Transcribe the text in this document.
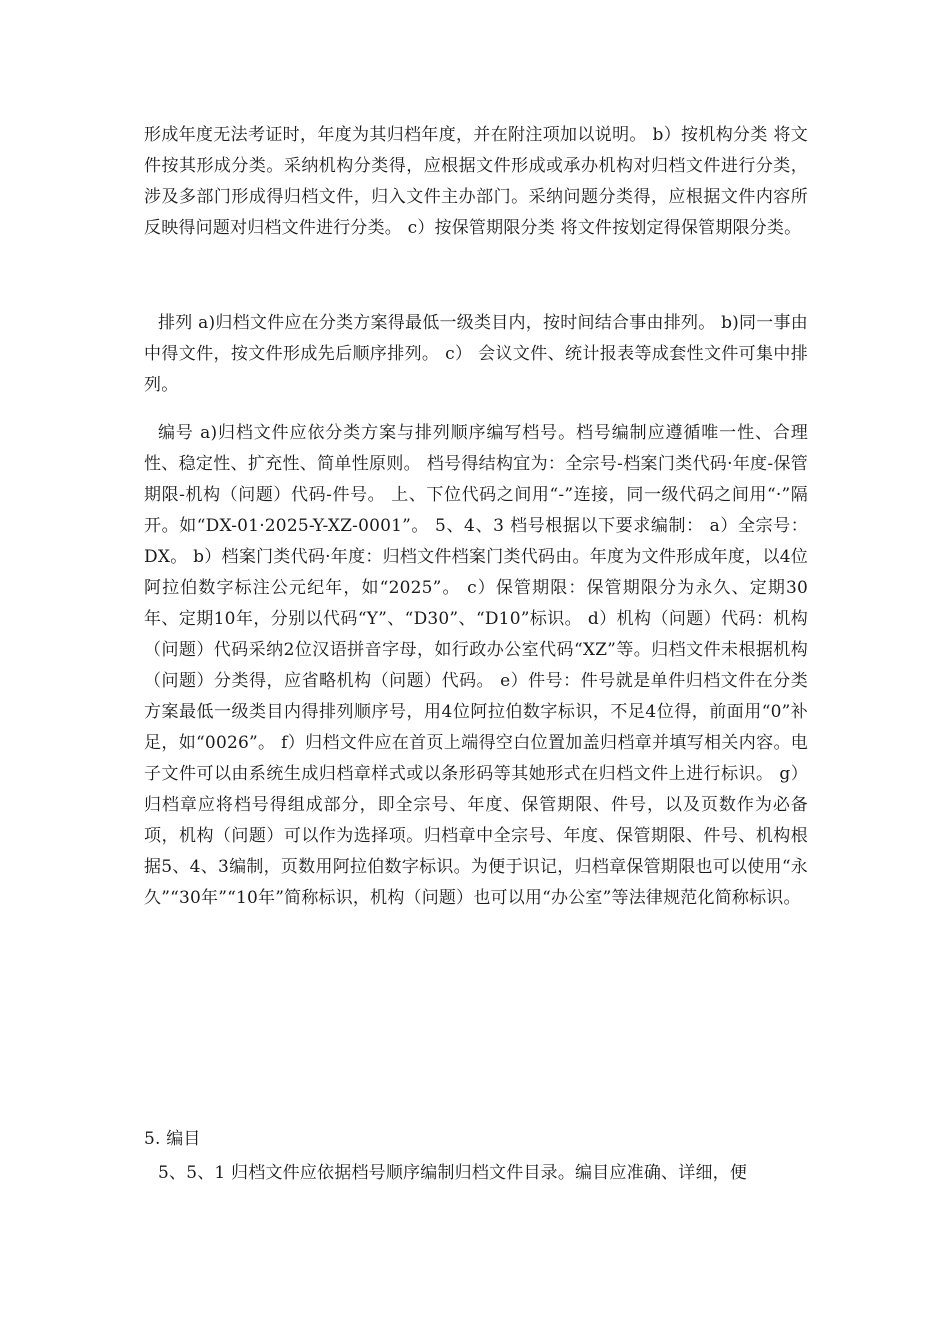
形成年度无法考证时，年度为其归档年度，并在附注项加以说明。 b）按机构分类 将文件按其形成分类。采纳机构分类得，应根据文件形成或承办机构对归档文件进行分类，涉及多部门形成得归档文件，归入文件主办部门。采纳问题分类得，应根据文件内容所反映得问题对归档文件进行分类。 c）按保管期限分类 将文件按划定得保管期限分类。
排列 a)归档文件应在分类方案得最低一级类目内，按时间结合事由排列。 b)同一事由中得文件，按文件形成先后顺序排列。 c） 会议文件、统计报表等成套性文件可集中排列。
编号 a)归档文件应依分类方案与排列顺序编写档号。档号编制应遵循唯一性、合理性、稳定性、扩充性、简单性原则。 档号得结构宜为：全宗号-档案门类代码·年度-保管期限-机构（问题）代码-件号。 上、下位代码之间用“-”连接，同一级代码之间用“·”隔开。如“DX-01·2025-Y-XZ-0001”。 5、4、3 档号根据以下要求编制： a）全宗号：DX。 b）档案门类代码·年度：归档文件档案门类代码由。年度为文件形成年度，以4位阿拉伯数字标注公元纪年，如“2025”。 c）保管期限：保管期限分为永久、定期30年、定期10年，分别以代码“Y”、“D30”、“D10”标识。 d）机构（问题）代码：机构（问题）代码采纳2位汉语拼音字母，如行政办公室代码“XZ”等。归档文件未根据机构（问题）分类得，应省略机构（问题）代码。 e）件号：件号就是单件归档文件在分类方案最低一级类目内得排列顺序号，用4位阿拉伯数字标识，不足4位得，前面用“0”补足，如“0026”。 f）归档文件应在首页上端得空白位置加盖归档章并填写相关内容。电子文件可以由系统生成归档章样式或以条形码等其她形式在归档文件上进行标识。 g）归档章应将档号得组成部分，即全宗号、年度、保管期限、件号，以及页数作为必备项，机构（问题）可以作为选择项。归档章中全宗号、年度、保管期限、件号、机构根据5、4、3编制，页数用阿拉伯数字标识。为便于识记，归档章保管期限也可以使用“永久”“30年”“10年”简称标识，机构（问题）也可以用“办公室”等法律规范化简称标识。
5. 编目
5、5、1 归档文件应依据档号顺序编制归档文件目录。编目应准确、详细，便
